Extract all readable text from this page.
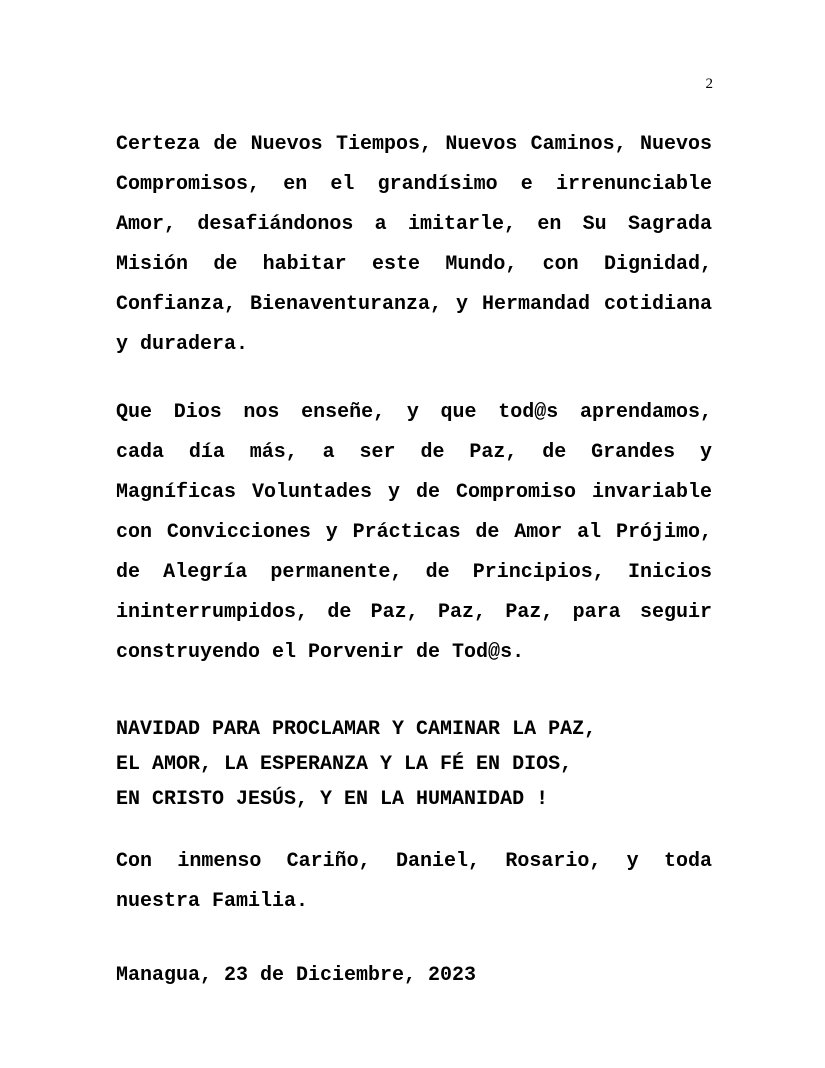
2
Certeza de Nuevos Tiempos, Nuevos Caminos, Nuevos
Compromisos, en el grandísimo e irrenunciable
Amor, desafiándonos a imitarle, en Su Sagrada
Misión de habitar este Mundo, con Dignidad,
Confianza, Bienaventuranza, y Hermandad cotidiana
y duradera.
Que Dios nos enseñe, y que tod@s aprendamos,
cada día más, a ser de Paz, de Grandes y
Magníficas Voluntades y de Compromiso invariable
con Convicciones y Prácticas de Amor al Prójimo,
de Alegría permanente, de Principios, Inicios
ininterrumpidos, de Paz, Paz, Paz, para seguir
construyendo el Porvenir de Tod@s.
NAVIDAD PARA PROCLAMAR Y CAMINAR LA PAZ,
EL AMOR, LA ESPERANZA Y LA FÉ EN DIOS,
EN CRISTO JESÚS, Y EN LA HUMANIDAD !
Con inmenso Cariño, Daniel, Rosario, y toda
nuestra Familia.
Managua, 23 de Diciembre, 2023
